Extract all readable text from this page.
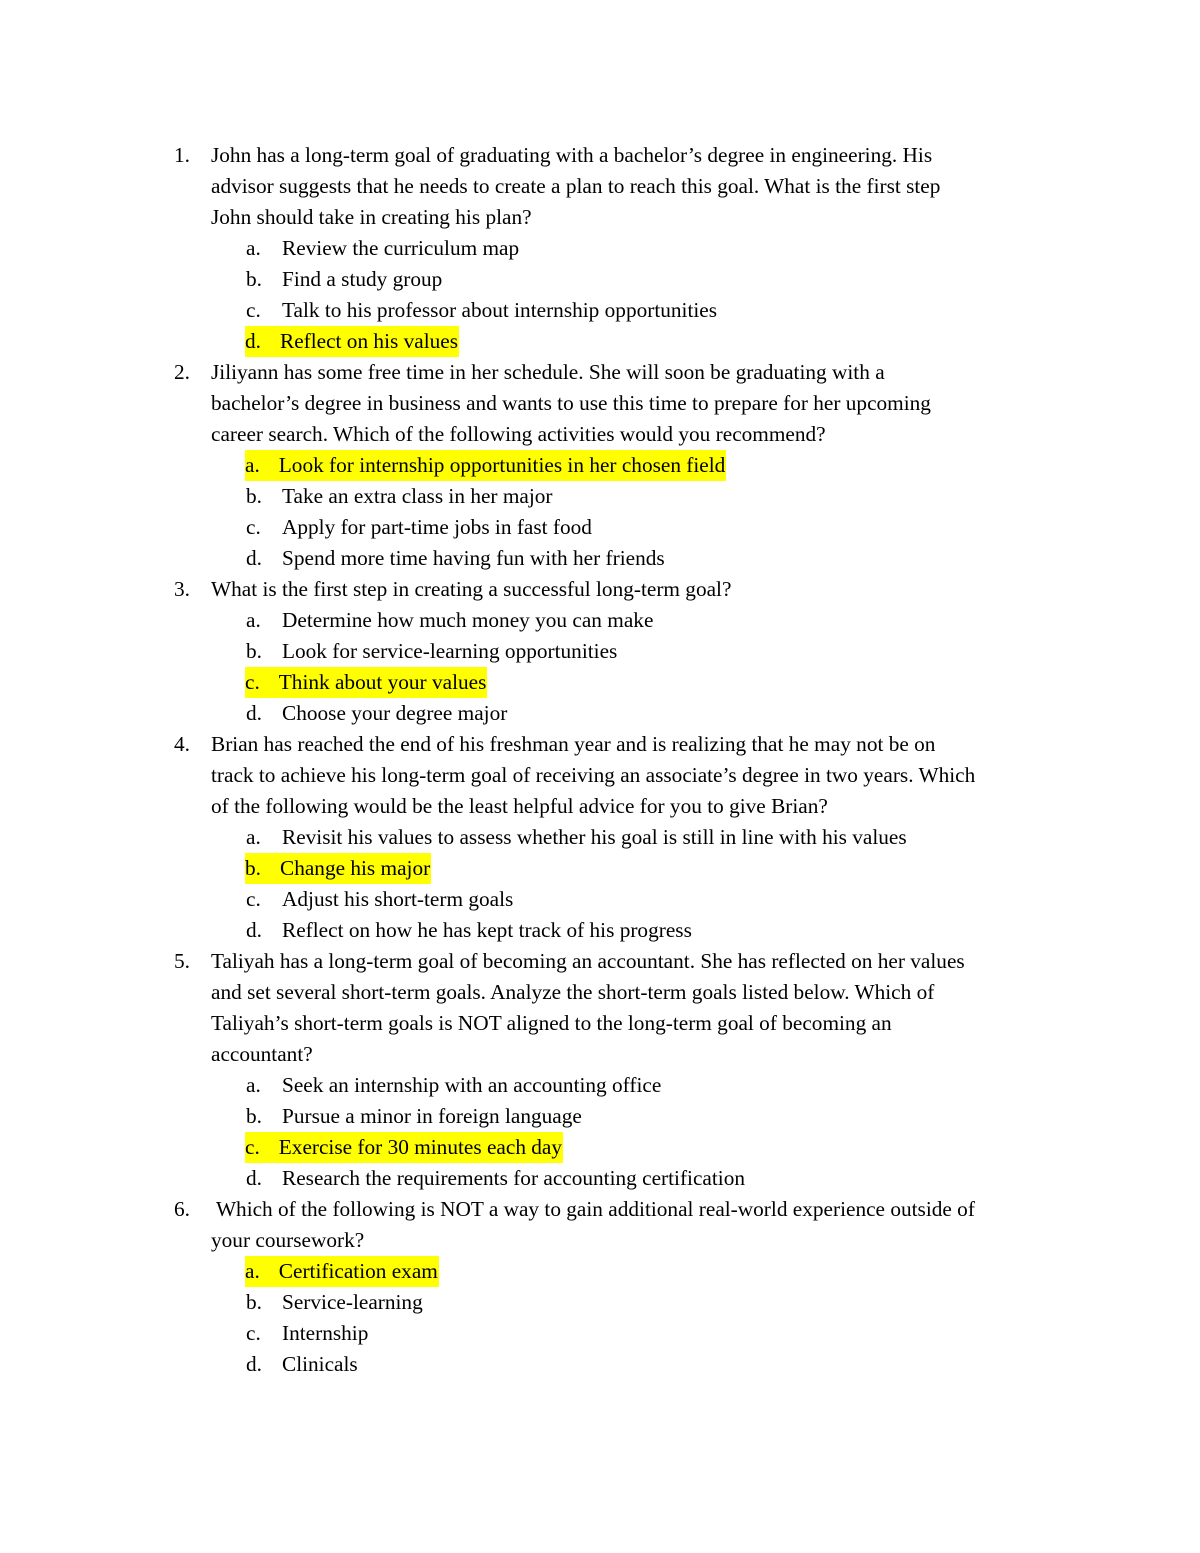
1. John has a long-term goal of graduating with a bachelor’s degree in engineering. His
advisor suggests that he needs to create a plan to reach this goal. What is the first step
John should take in creating his plan?
a. Review the curriculum map
b. Find a study group
c. Talk to his professor about internship opportunities
d. Reflect on his values
2. Jiliyann has some free time in her schedule. She will soon be graduating with a
bachelor’s degree in business and wants to use this time to prepare for her upcoming
career search. Which of the following activities would you recommend?
a. Look for internship opportunities in her chosen field
b. Take an extra class in her major
c. Apply for part-time jobs in fast food
d. Spend more time having fun with her friends
3. What is the first step in creating a successful long-term goal?
a. Determine how much money you can make
b. Look for service-learning opportunities
c. Think about your values
d. Choose your degree major
4. Brian has reached the end of his freshman year and is realizing that he may not be on
track to achieve his long-term goal of receiving an associate’s degree in two years. Which
of the following would be the least helpful advice for you to give Brian?
a. Revisit his values to assess whether his goal is still in line with his values
b. Change his major
c. Adjust his short-term goals
d. Reflect on how he has kept track of his progress
5. Taliyah has a long-term goal of becoming an accountant. She has reflected on her values
and set several short-term goals. Analyze the short-term goals listed below. Which of
Taliyah’s short-term goals is NOT aligned to the long-term goal of becoming an
accountant?
a. Seek an internship with an accounting office
b. Pursue a minor in foreign language
c. Exercise for 30 minutes each day
d. Research the requirements for accounting certification
6. Which of the following is NOT a way to gain additional real-world experience outside of
your coursework?
a. Certification exam
b. Service-learning
c. Internship
d. Clinicals
